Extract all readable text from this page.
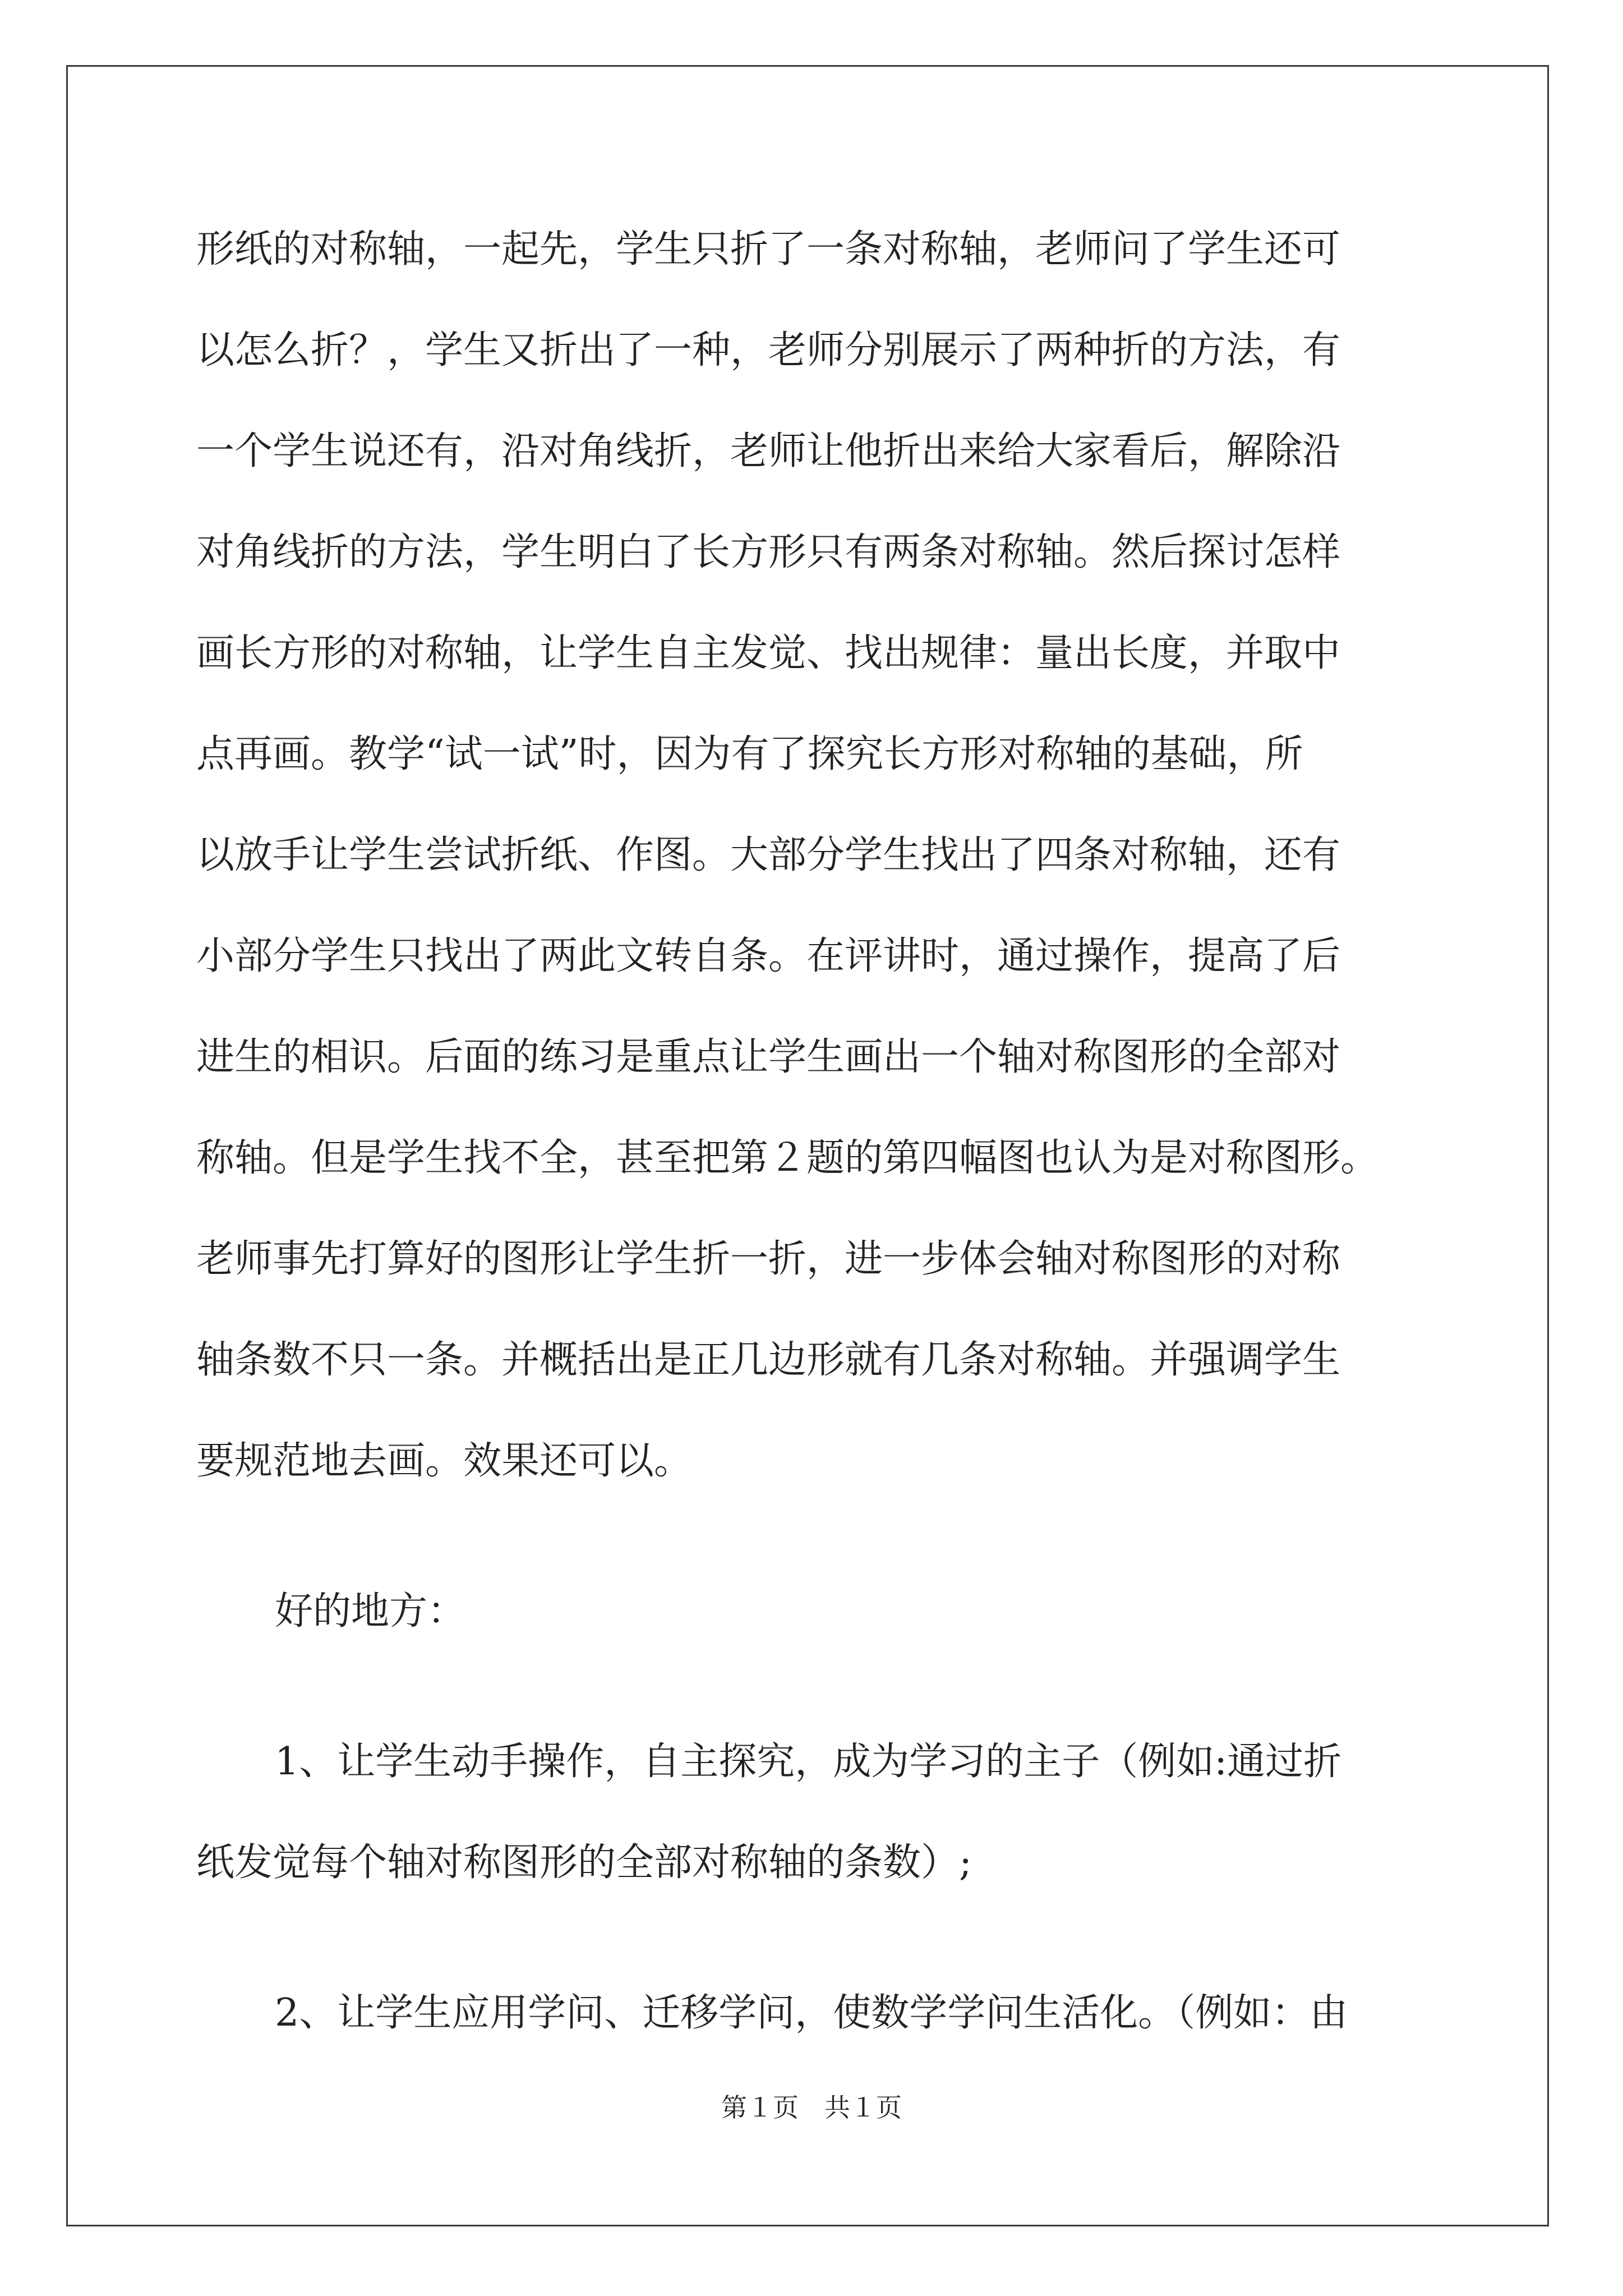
形纸的对称轴，一起先，学生只折了一条对称轴，老师问了学生还可

以怎么折？，学生又折出了一种，老师分别展示了两种折的方法，有

一个学生说还有，沿对角线折，老师让他折出来给大家看后，解除沿

对角线折的方法，学生明白了长方形只有两条对称轴。然后探讨怎样

画长方形的对称轴，让学生自主发觉、找出规律：量出长度，并取中

点再画。教学“试一试”时，因为有了探究长方形对称轴的基础，所

以放手让学生尝试折纸、作图。大部分学生找出了四条对称轴，还有

小部分学生只找出了两此文转自条。在评讲时，通过操作，提高了后

进生的相识。后面的练习是重点让学生画出一个轴对称图形的全部对

称轴。但是学生找不全，甚至把第２题的第四幅图也认为是对称图形。

老师事先打算好的图形让学生折一折，进一步体会轴对称图形的对称

轴条数不只一条。并概括出是正几边形就有几条对称轴。并强调学生

要规范地去画。效果还可以。

好的地方：

1、让学生动手操作，自主探究，成为学习的主子（例如:通过折

纸发觉每个轴对称图形的全部对称轴的条数）;

2、让学生应用学问、迁移学问，使数学学问生活化。（例如：由

第１页　共１页
